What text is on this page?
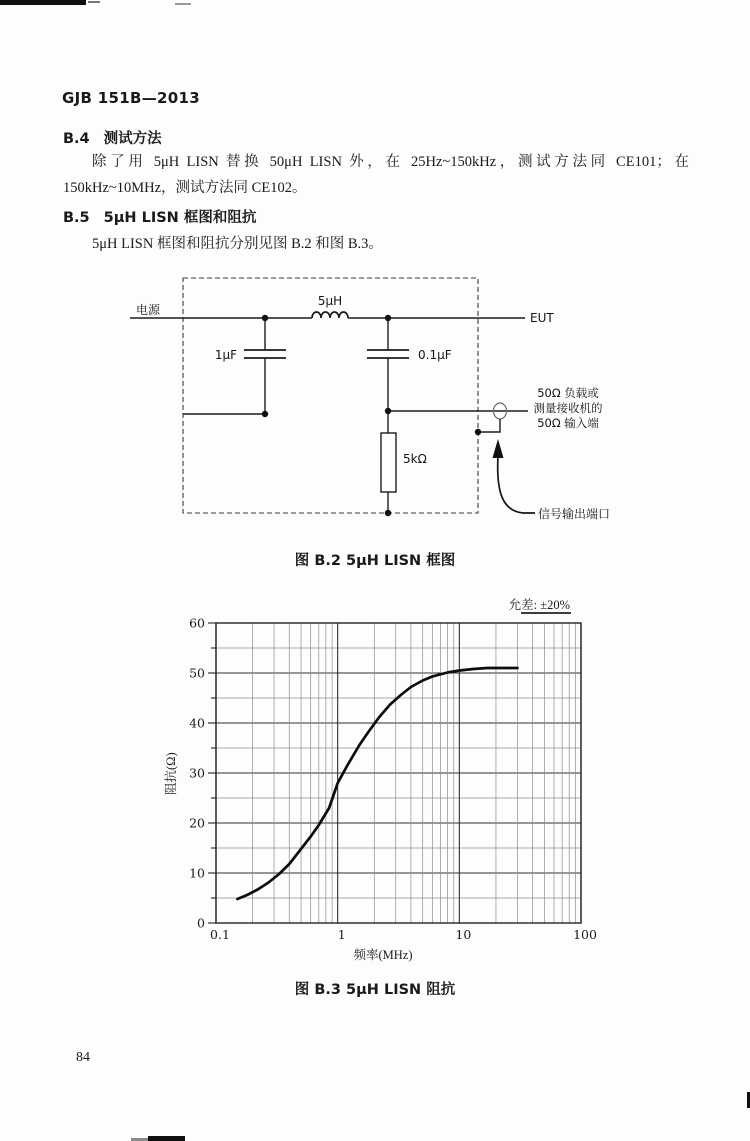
GJB 151B—2013
B.4 测试方法
除了用 5μH LISN 替换 50μH LISN 外，在 25Hz~150kHz，测试方法同 CE101；在 150kHz~10MHz，测试方法同 CE102。
B.5 5μH LISN 框图和阻抗
5μH LISN 框图和阻抗分别见图 B.2 和图 B.3。
电源
5μH
EUT
1μF	0.1μF
5kΩ
50Ω 负载或
测量接收机的
50Ω 输入端
信号输出端口
图 B.2 5μH LISN 框图
允差: ±20%
0
10
20
30
40
50
60
0.1	1	10	100
阻抗(Ω)
频率(MHz)
图 B.3 5μH LISN 阻抗
84
